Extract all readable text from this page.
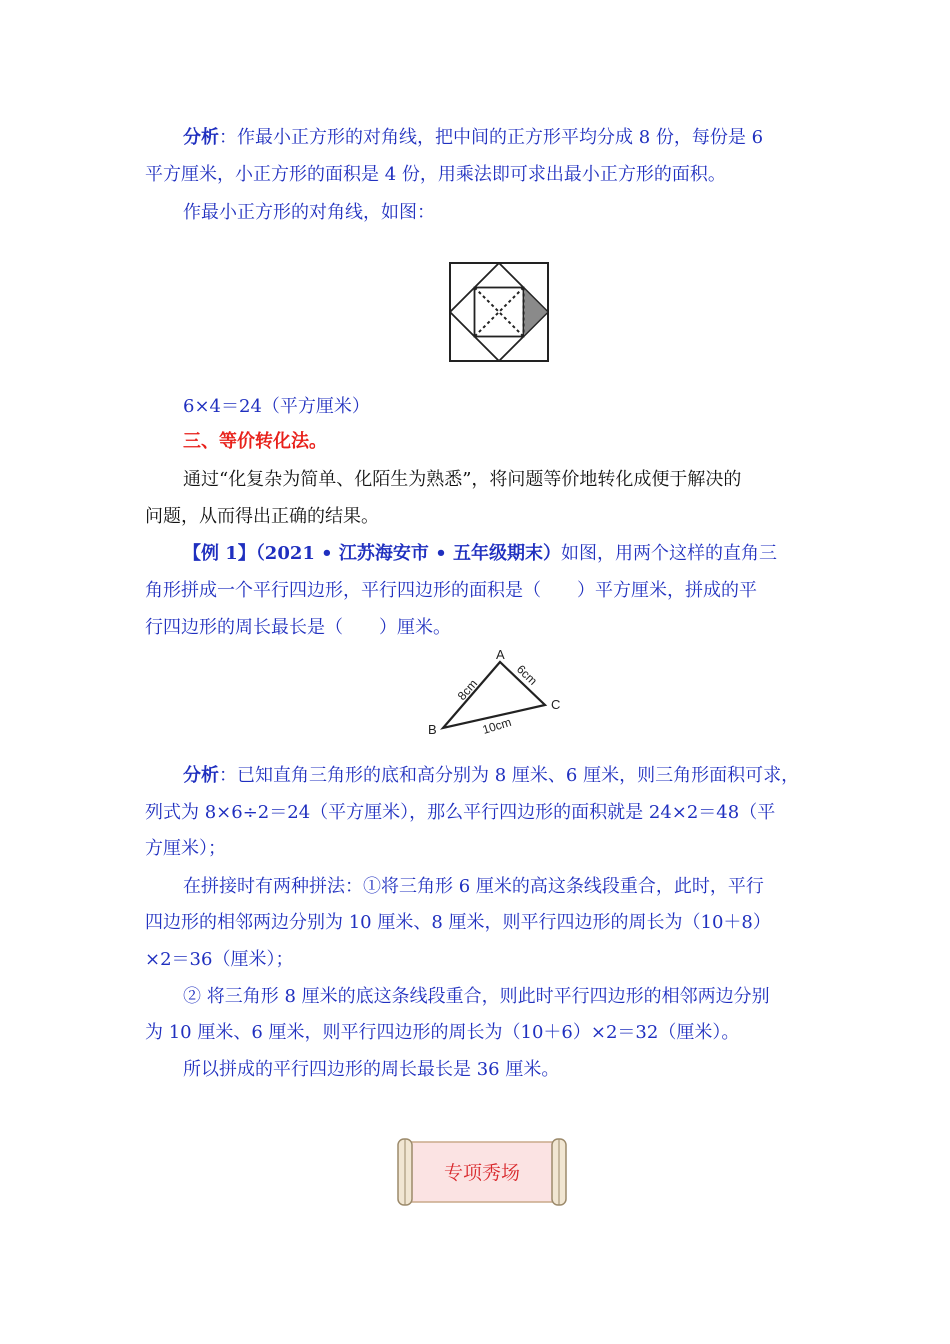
分析：作最小正方形的对角线，把中间的正方形平均分成 8 份，每份是 6
平方厘米，小正方形的面积是 4 份，用乘法即可求出最小正方形的面积。
作最小正方形的对角线，如图：
6×4＝24（平方厘米）
三、等价转化法。
通过“化复杂为简单、化陌生为熟悉”，将问题等价地转化成便于解决的
问题，从而得出正确的结果。
【例 1】（2021 • 江苏海安市 • 五年级期末）如图，用两个这样的直角三
角形拼成一个平行四边形，平行四边形的面积是（　　）平方厘米，拼成的平
行四边形的周长最长是（　　）厘米。
A
B
C
8cm
6cm
10cm
分析：已知直角三角形的底和高分别为 8 厘米、6 厘米，则三角形面积可求，
列式为 8×6÷2＝24（平方厘米），那么平行四边形的面积就是 24×2＝48（平
方厘米）；
在拼接时有两种拼法：①将三角形 6 厘米的高这条线段重合，此时，平行
四边形的相邻两边分别为 10 厘米、8 厘米，则平行四边形的周长为（10＋8）
×2＝36（厘米）；
② 将三角形 8 厘米的底这条线段重合，则此时平行四边形的相邻两边分别
为 10 厘米、6 厘米，则平行四边形的周长为（10＋6）×2＝32（厘米）。
所以拼成的平行四边形的周长最长是 36 厘米。
专项秀场
